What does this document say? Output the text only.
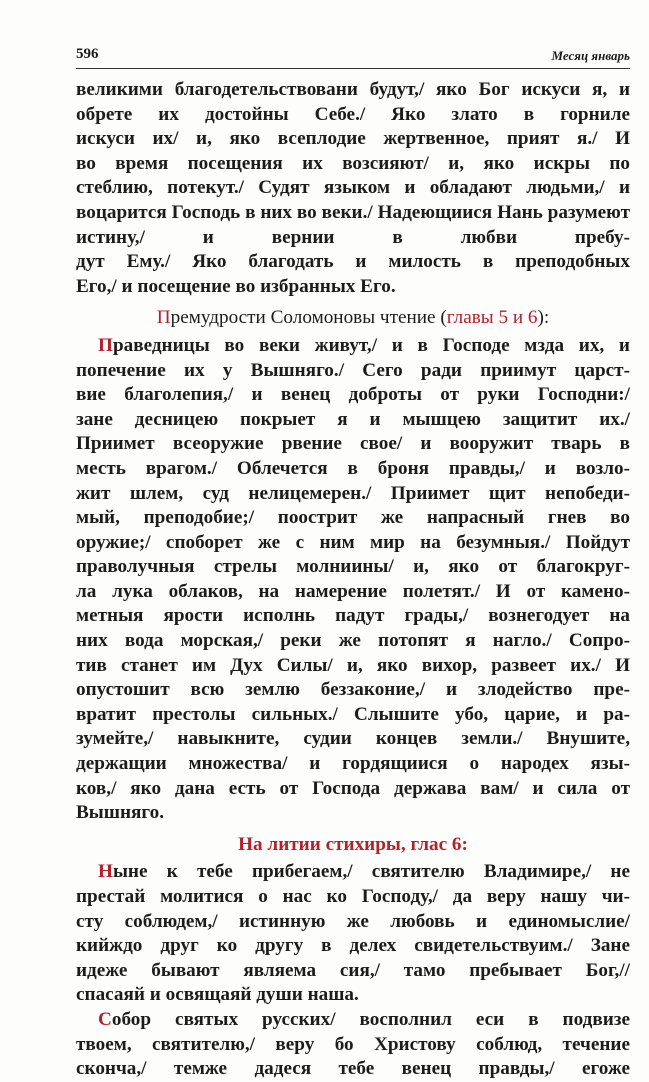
596	Месяц январь
великими благодетельствовани будут,/ яко Бог искуси я, и обрете их достойны Себе./ Яко злато в горниле
искуси их/ и, яко всеплодие жертвенное, прият я./ И
во время посещения их возсияют/ и, яко искры по
стеблию, потекут./ Судят языком и обладают людьми,/ и воцарится Господь в них во веки./ Надеющиися Нань разумеют истину,/ и вернии в любви пребу-
дут Ему./ Яко благодать и милость в преподобных
Его,/ и посещение во избранных Его.
Премудрости Соломоновы чтение (главы 5 и 6):
Праведницы во веки живут,/ и в Господе мзда их, и
попечение их у Вышняго./ Сего ради приимут царст-
вие благолепия,/ и венец доброты от руки Господни:/
зане десницею покрыет я и мышцею защитит их./
Приимет всеоружие рвение свое/ и вооружит тварь в
месть врагом./ Облечется в броня правды,/ и возло-
жит шлем, суд нелицемерен./ Приимет щит непобеди-
мый, преподобие;/ поострит же напрасный гнев во
оружие;/ споборет же с ним мир на безумныя./ Пойдут
праволучныя стрелы молниины/ и, яко от благокруг-
ла лука облаков, на намерение полетят./ И от камено-
метныя ярости исполнь падут грады,/ вознегодует на
них вода морская,/ реки же потопят я нагло./ Сопро-
тив станет им Дух Силы/ и, яко вихор, развеет их./ И
опустошит всю землю беззаконие,/ и злодейство пре-
вратит престолы сильных./ Слышите убо, царие, и ра-
зумейте,/ навыкните, судии концев земли./ Внушите,
держащии множества/ и гордящиися о народех язы-
ков,/ яко дана есть от Господа держава вам/ и сила от
Вышняго.
На литии стихиры, глас 6:
Ныне к тебе прибегаем,/ святителю Владимире,/ не
престай молитися о нас ко Господу,/ да веру нашу чи-
сту соблюдем,/ истинную же любовь и единомыслие/
кийждо друг ко другу в делех свидетельствуим./ Зане
идеже бывают являема сия,/ тамо пребывает Бог,//
спасаяй и освящаяй души наша.
Собор святых русских/ восполнил еси в подвизе
твоем, святителю,/ веру бо Христову соблюд, течение
сконча,/ темже дадеся тебе венец правды,/ егоже
